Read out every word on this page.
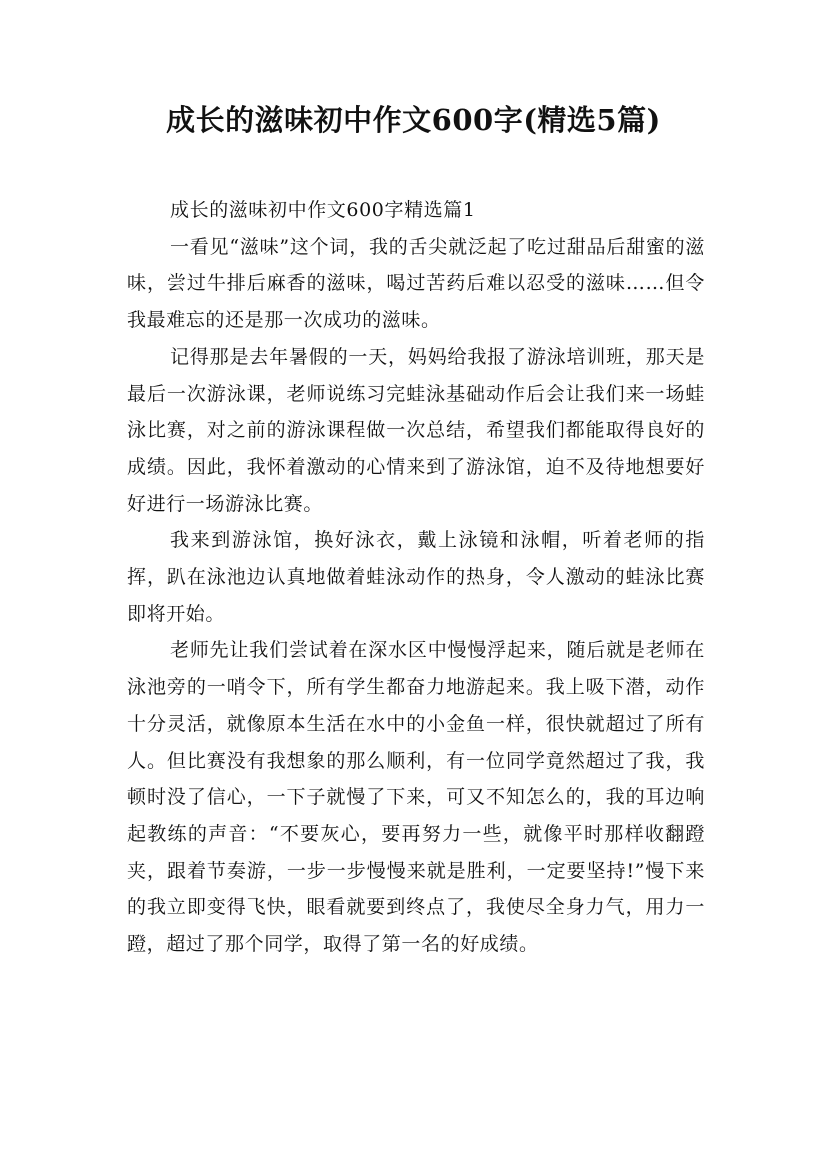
成长的滋味初中作文600字(精选5篇)

成长的滋味初中作文600字精选篇1

一看见“滋味”这个词，我的舌尖就泛起了吃过甜品后甜蜜的滋味，尝过牛排后麻香的滋味，喝过苦药后难以忍受的滋味……但令我最难忘的还是那一次成功的滋味。

记得那是去年暑假的一天，妈妈给我报了游泳培训班，那天是最后一次游泳课，老师说练习完蛙泳基础动作后会让我们来一场蛙泳比赛，对之前的游泳课程做一次总结，希望我们都能取得良好的成绩。因此，我怀着激动的心情来到了游泳馆，迫不及待地想要好好进行一场游泳比赛。

我来到游泳馆，换好泳衣，戴上泳镜和泳帽，听着老师的指挥，趴在泳池边认真地做着蛙泳动作的热身，令人激动的蛙泳比赛即将开始。

老师先让我们尝试着在深水区中慢慢浮起来，随后就是老师在泳池旁的一哨令下，所有学生都奋力地游起来。我上吸下潜，动作十分灵活，就像原本生活在水中的小金鱼一样，很快就超过了所有人。但比赛没有我想象的那么顺利，有一位同学竟然超过了我，我顿时没了信心，一下子就慢了下来，可又不知怎么的，我的耳边响起教练的声音：“不要灰心，要再努力一些，就像平时那样收翻蹬夹，跟着节奏游，一步一步慢慢来就是胜利，一定要坚持!”慢下来的我立即变得飞快，眼看就要到终点了，我使尽全身力气，用力一蹬，超过了那个同学，取得了第一名的好成绩。
